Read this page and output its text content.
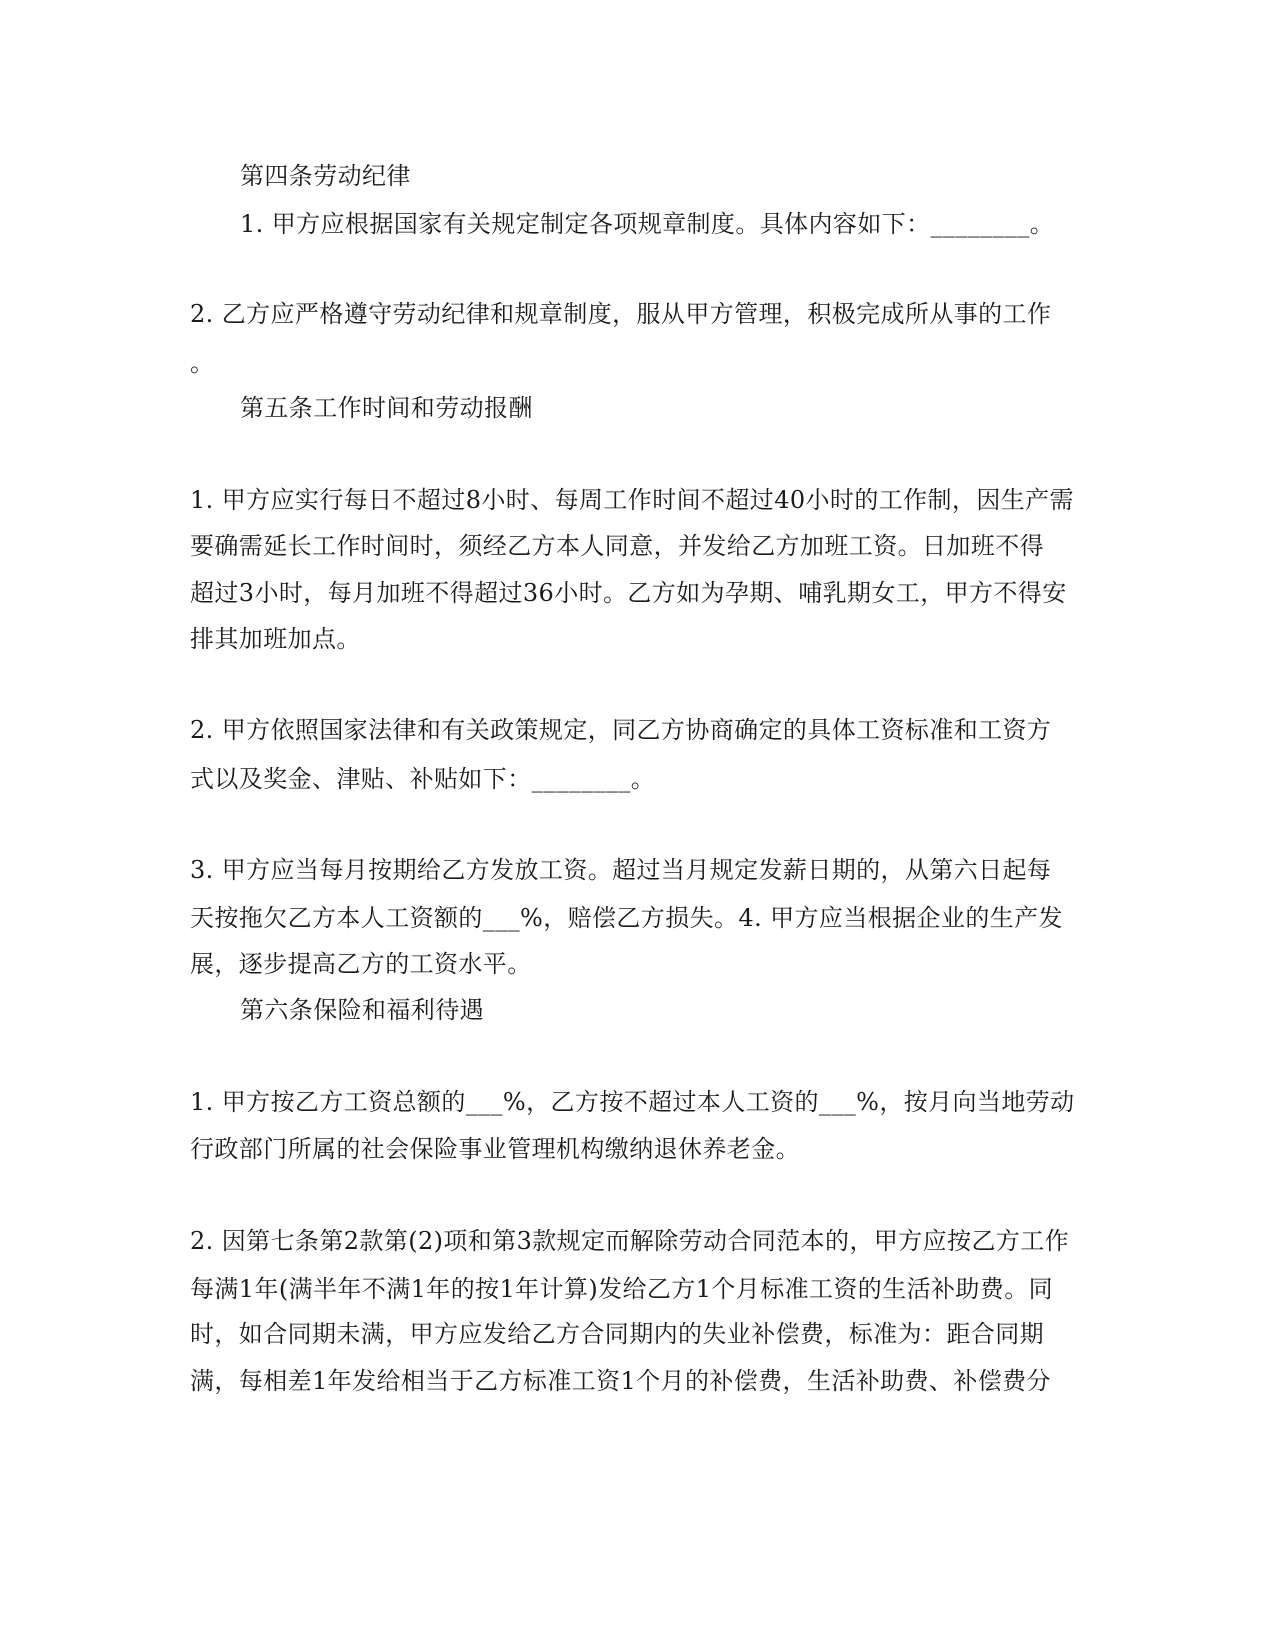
第四条劳动纪律
1. 甲方应根据国家有关规定制定各项规章制度。具体内容如下：________。
2. 乙方应严格遵守劳动纪律和规章制度，服从甲方管理，积极完成所从事的工作
。
第五条工作时间和劳动报酬
1. 甲方应实行每日不超过8小时、每周工作时间不超过40小时的工作制，因生产需
要确需延长工作时间时，须经乙方本人同意，并发给乙方加班工资。日加班不得
超过3小时，每月加班不得超过36小时。乙方如为孕期、哺乳期女工，甲方不得安
排其加班加点。
2. 甲方依照国家法律和有关政策规定，同乙方协商确定的具体工资标准和工资方
式以及奖金、津贴、补贴如下：________。
3. 甲方应当每月按期给乙方发放工资。超过当月规定发薪日期的，从第六日起每
天按拖欠乙方本人工资额的___%，赔偿乙方损失。4. 甲方应当根据企业的生产发
展，逐步提高乙方的工资水平。
第六条保险和福利待遇
1. 甲方按乙方工资总额的___%，乙方按不超过本人工资的___%，按月向当地劳动
行政部门所属的社会保险事业管理机构缴纳退休养老金。
2. 因第七条第2款第(2)项和第3款规定而解除劳动合同范本的，甲方应按乙方工作
每满1年(满半年不满1年的按1年计算)发给乙方1个月标准工资的生活补助费。同
时，如合同期未满，甲方应发给乙方合同期内的失业补偿费，标准为：距合同期
满，每相差1年发给相当于乙方标准工资1个月的补偿费，生活补助费、补偿费分
